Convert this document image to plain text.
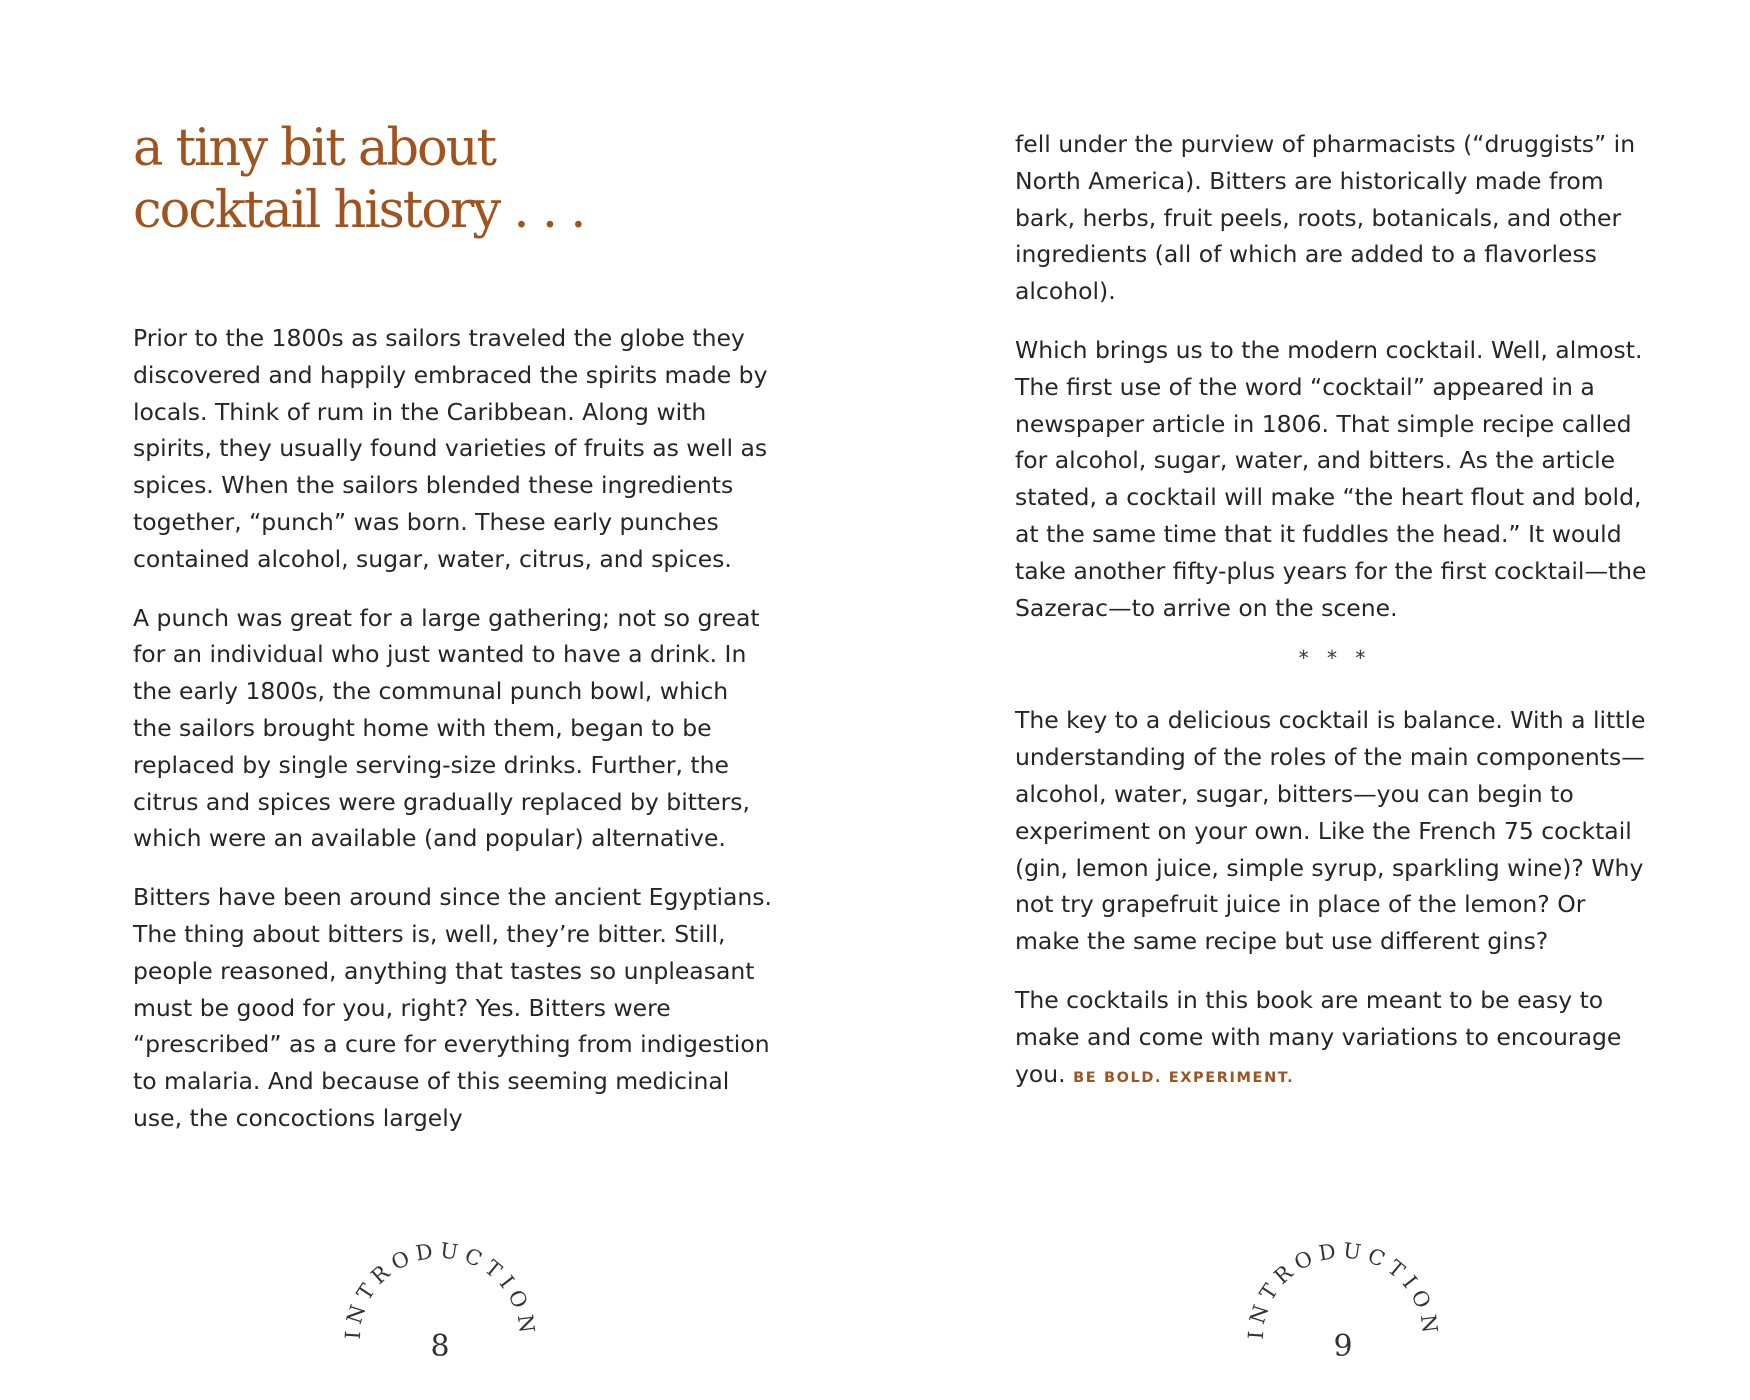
a tiny bit about
cocktail history . . .

Prior to the 1800s as sailors traveled the globe they discovered and happily embraced the spirits made by locals. Think of rum in the Caribbean. Along with spirits, they usually found varieties of fruits as well as spices. When the sailors blended these ingredients together, “punch” was born. These early punches contained alcohol, sugar, water, citrus, and spices.

A punch was great for a large gathering; not so great for an individual who just wanted to have a drink. In the early 1800s, the communal punch bowl, which the sailors brought home with them, began to be replaced by single serving-size drinks. Further, the citrus and spices were gradually replaced by bitters, which were an available (and popular) alternative.

Bitters have been around since the ancient Egyptians. The thing about bitters is, well, they’re bitter. Still, people reasoned, anything that tastes so unpleasant must be good for you, right? Yes. Bitters were “prescribed” as a cure for everything from indigestion to malaria. And because of this seeming medicinal use, the concoctions largely

INTRODUCTION
8

fell under the purview of pharmacists (“druggists” in North America). Bitters are historically made from bark, herbs, fruit peels, roots, botanicals, and other ingredients (all of which are added to a flavorless alcohol).

Which brings us to the modern cocktail. Well, almost. The first use of the word “cocktail” appeared in a newspaper article in 1806. That simple recipe called for alcohol, sugar, water, and bitters. As the article stated, a cocktail will make “the heart flout and bold, at the same time that it fuddles the head.” It would take another fifty-plus years for the first cocktail—the Sazerac—to arrive on the scene.

* * *

The key to a delicious cocktail is balance. With a little understanding of the roles of the main components—alcohol, water, sugar, bitters—you can begin to experiment on your own. Like the French 75 cocktail (gin, lemon juice, simple syrup, sparkling wine)? Why not try grapefruit juice in place of the lemon? Or make the same recipe but use different gins?

The cocktails in this book are meant to be easy to make and come with many variations to encourage you. BE BOLD. EXPERIMENT.

INTRODUCTION
9
